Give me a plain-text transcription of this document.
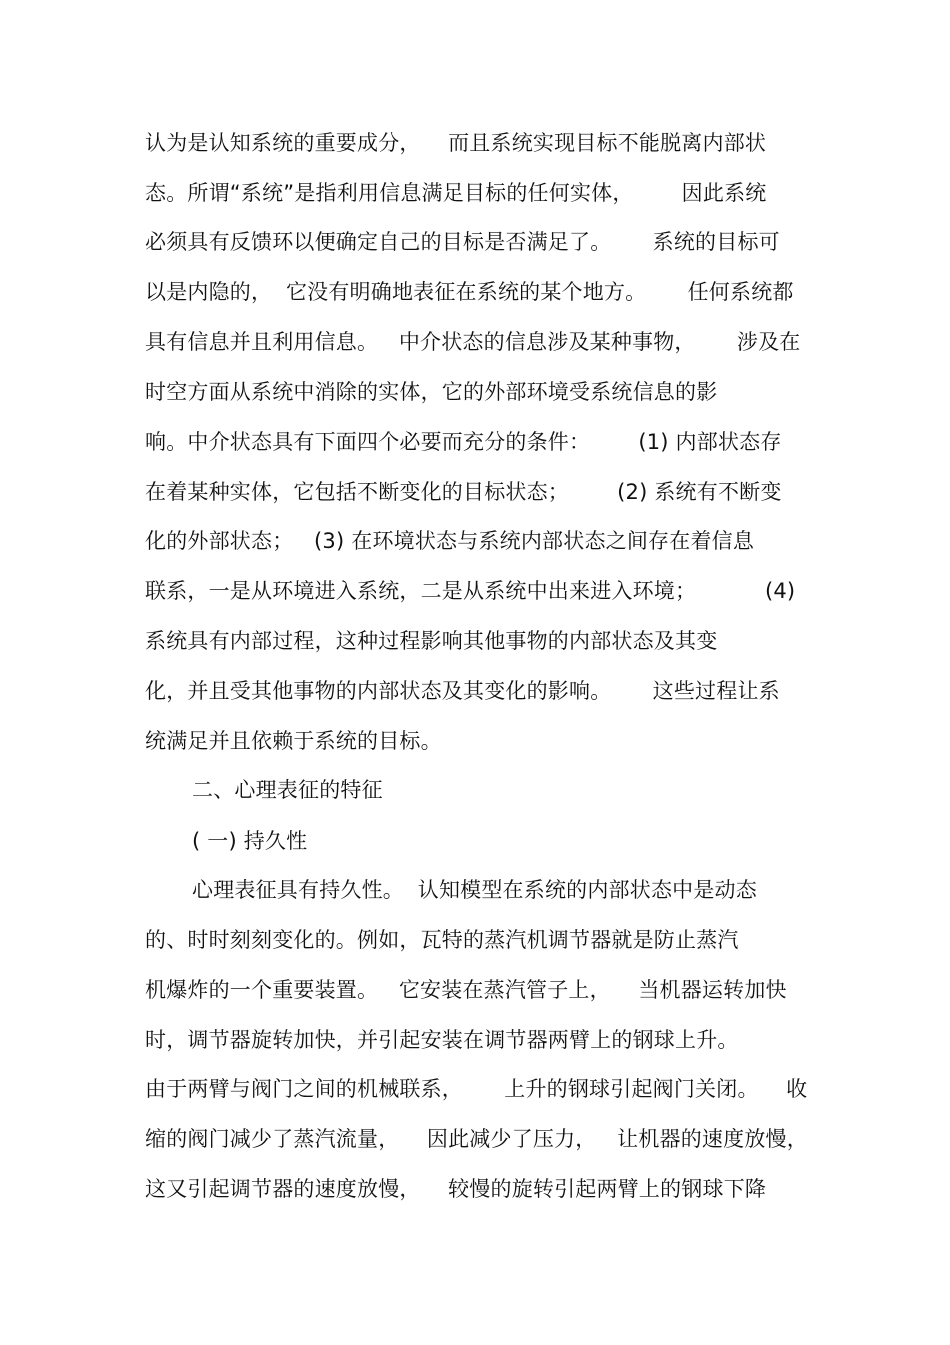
认为是认知系统的重要成分，    而且系统实现目标不能脱离内部状
态。所谓“系统”是指利用信息满足目标的任何实体，       因此系统
必须具有反馈环以便确定自己的目标是否满足了。      系统的目标可
以是内隐的，  它没有明确地表征在系统的某个地方。      任何系统都
具有信息并且利用信息。   中介状态的信息涉及某种事物，      涉及在
时空方面从系统中消除的实体，它的外部环境受系统信息的影
响。中介状态具有下面四个必要而充分的条件：       (1) 内部状态存
在着某种实体，它包括不断变化的目标状态；       (2) 系统有不断变
化的外部状态；   (3) 在环境状态与系统内部状态之间存在着信息
联系，一是从环境进入系统，二是从系统中出来进入环境；          (4)
系统具有内部过程，这种过程影响其他事物的内部状态及其变
化，并且受其他事物的内部状态及其变化的影响。      这些过程让系
统满足并且依赖于系统的目标。
二、心理表征的特征
( 一) 持久性
心理表征具有持久性。  认知模型在系统的内部状态中是动态
的、时时刻刻变化的。例如，瓦特的蒸汽机调节器就是防止蒸汽
机爆炸的一个重要装置。   它安装在蒸汽管子上，    当机器运转加快
时，调节器旋转加快，并引起安装在调节器两臂上的钢球上升。
由于两臂与阀门之间的机械联系，      上升的钢球引起阀门关闭。    收
缩的阀门减少了蒸汽流量，    因此减少了压力，   让机器的速度放慢，
这又引起调节器的速度放慢，    较慢的旋转引起两臂上的钢球下降
